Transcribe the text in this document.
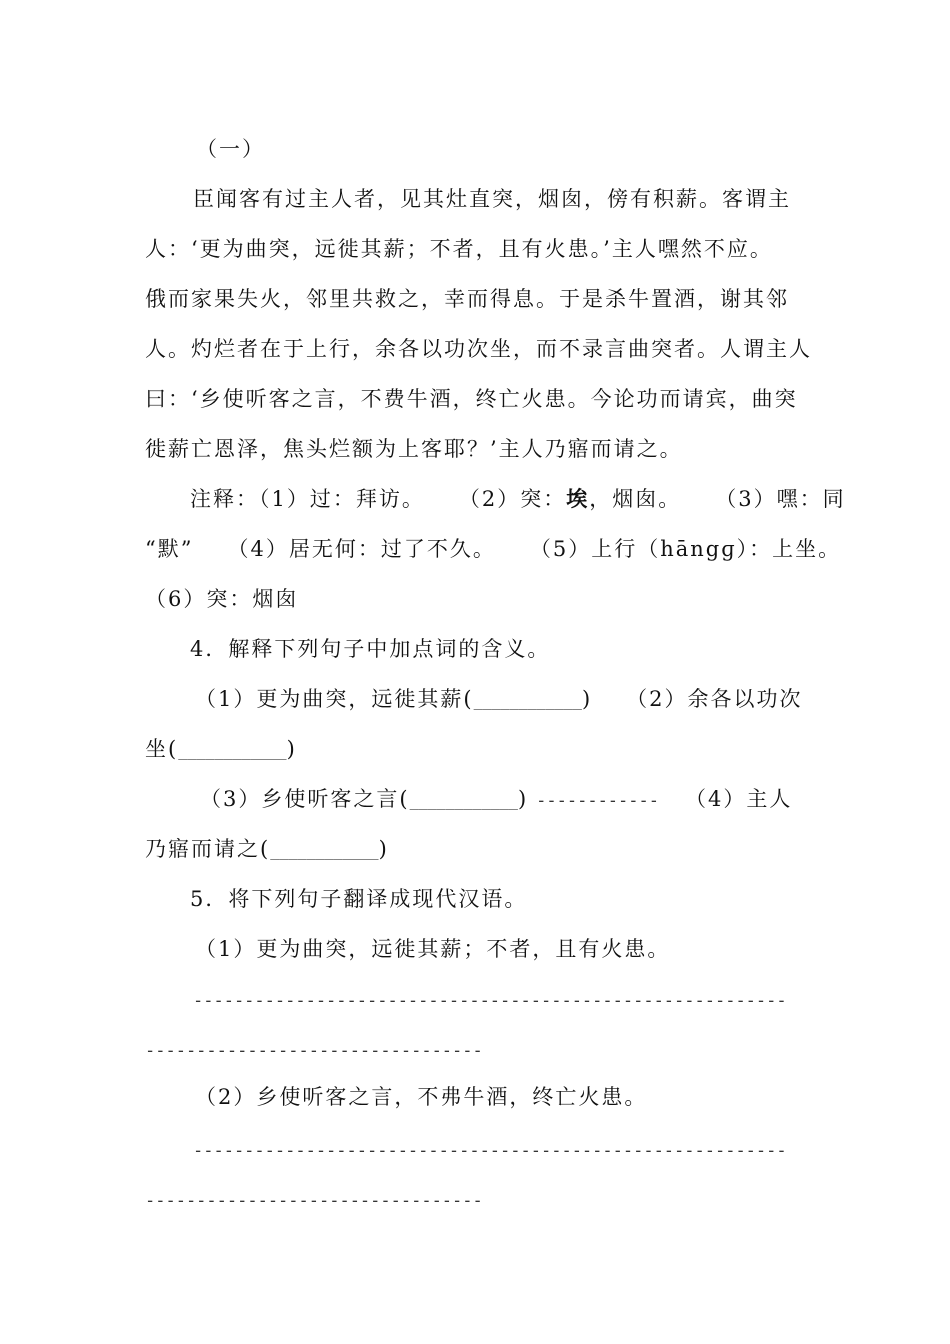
（一）
臣闻客有过主人者，见其灶直突，烟囱，傍有积薪。客谓主
人：‘更为曲突，远徙其薪；不者，且有火患。’主人嘿然不应。
俄而家果失火，邻里共救之，幸而得息。于是杀牛置酒，谢其邻
人。灼烂者在于上行，余各以功次坐，而不录言曲突者。人谓主人
曰：‘乡使听客之言，不费牛酒，终亡火患。今论功而请宾，曲突
徙薪亡恩泽，焦头烂额为上客耶？’主人乃寤而请之。
注释：（1）过：拜访。 （2）突：埃，烟囱。 （3）嘿：同
“默” （4）居无何：过了不久。 （5）上行（hāngɡ）：上坐。
（6）突：烟囱
4．解释下列句子中加点词的含义。
（1）更为曲突，远徙其薪(____________) （2）余各以功次
坐(____________)
（3）乡使听客之言(____________) ------------ （4）主人
乃寤而请之(____________)
5．将下列句子翻译成现代汉语。
（1）更为曲突，远徙其薪；不者，且有火患。
----------------------------------------------------------
---------------------------------
（2）乡使听客之言，不弗牛酒，终亡火患。
----------------------------------------------------------
---------------------------------
